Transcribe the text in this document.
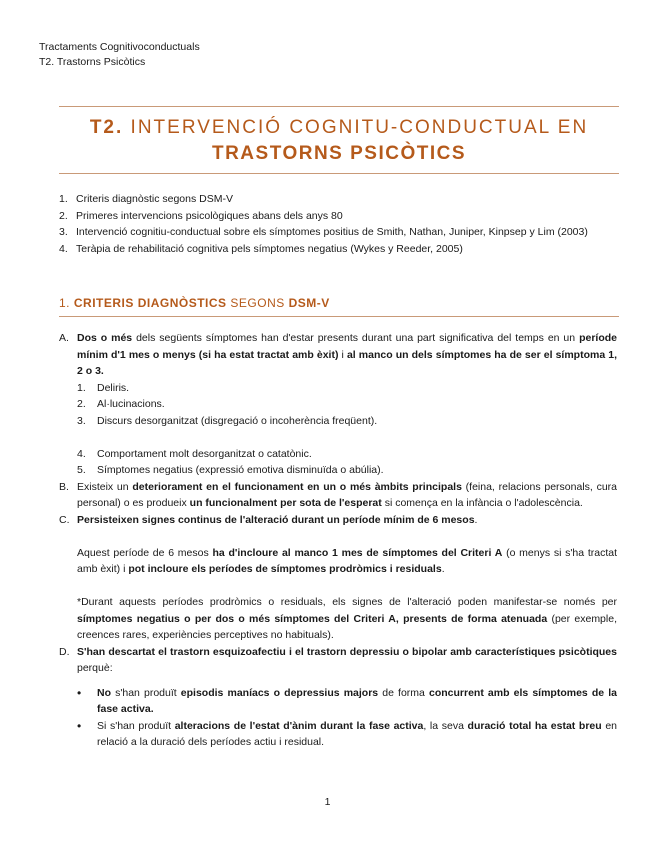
Tractaments Cognitivoconductuals
T2. Trastorns Psicòtics
T2. INTERVENCIÓ COGNITU-CONDUCTUAL EN
TRASTORNS PSICÒTICS
1. Criteris diagnòstic segons DSM-V
2. Primeres intervencions psicològiques abans dels anys 80
3. Intervenció cognitiu-conductual sobre els símptomes positius de Smith, Nathan, Juniper, Kinpsep y Lim (2003)
4. Teràpia de rehabilitació cognitiva pels símptomes negatius (Wykes y Reeder, 2005)
1. CRITERIS DIAGNÒSTICS SEGONS DSM-V
A. Dos o més dels següents símptomes han d'estar presents durant una part significativa del temps en un període mínim d'1 mes o menys (si ha estat tractat amb èxit) i al manco un dels símptomes ha de ser el símptoma 1, 2 o 3.

1.	Deliris.
2.	Al·lucinacions.
3.	Discurs desorganitzat (disgregació o incoherència freqüent).
4.	Comportament molt desorganitzat o catatònic.
5.	Símptomes negatius (expressió emotiva disminuïda o abúlia).
B. Existeix un deteriorament en el funcionament en un o més àmbits principals (feina, relacions personals, cura personal) o es produeix un funcionalment per sota de l'esperat si comença en la infància o l'adolescència.

C. Persisteixen signes continus de l'alteració durant un període mínim de 6 mesos.

Aquest període de 6 mesos ha d'incloure al manco 1 mes de símptomes del Criteri A (o menys si s'ha tractat amb èxit) i pot incloure els períodes de símptomes prodròmics i residuals.

*Durant aquests períodes prodròmics o residuals, els signes de l'alteració poden manifestar-se només per símptomes negatius o per dos o més símptomes del Criteri A, presents de forma atenuada (per exemple, creences rares, experiències perceptives no habituals).

D. S'han descartat el trastorn esquizoafectiu i el trastorn depressiu o bipolar amb característiques psicòtiques perquè:

•	No s'han produït episodis maníacs o depressius majors de forma concurrent amb els símptomes de la fase activa.

•	Si s'han produït alteracions de l'estat d'ànim durant la fase activa, la seva duració total ha estat breu en relació a la duració dels períodes actiu i residual.

1
